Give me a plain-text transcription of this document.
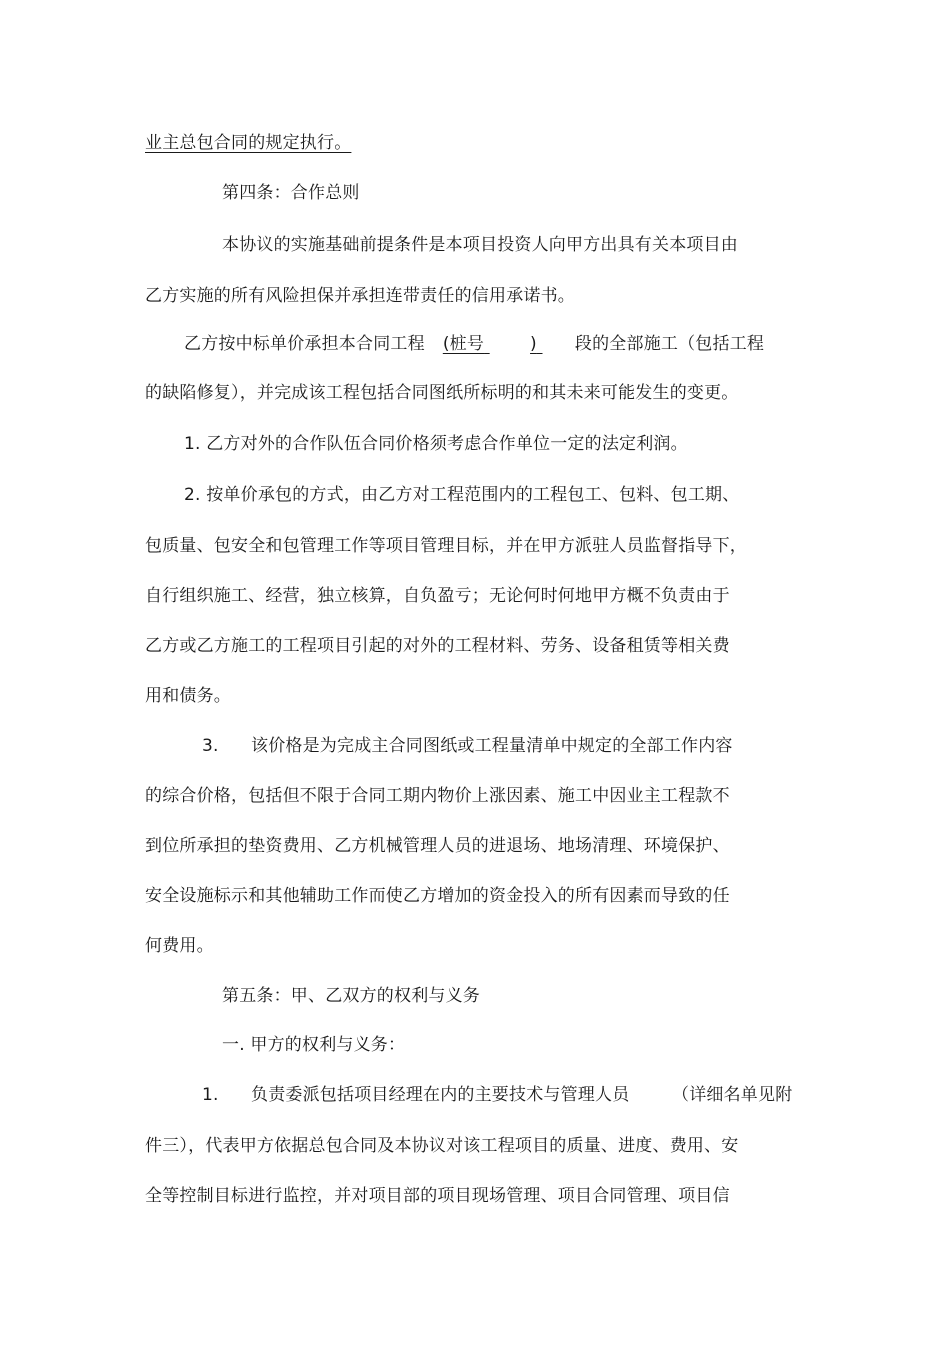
业主总包合同的规定执行。
第四条：合作总则
本协议的实施基础前提条件是本项目投资人向甲方出具有关本项目由
乙方实施的所有风险担保并承担连带责任的信用承诺书。
乙方按中标单价承担本合同工程 (桩号	) 段的全部施工（包括工程
的缺陷修复），并完成该工程包括合同图纸所标明的和其未来可能发生的变更。
1. 乙方对外的合作队伍合同价格须考虑合作单位一定的法定利润。
2. 按单价承包的方式，由乙方对工程范围内的工程包工、包料、包工期、
包质量、包安全和包管理工作等项目管理目标，并在甲方派驻人员监督指导下，
自行组织施工、经营，独立核算，自负盈亏；无论何时何地甲方概不负责由于
乙方或乙方施工的工程项目引起的对外的工程材料、劳务、设备租赁等相关费
用和债务。
3. 该价格是为完成主合同图纸或工程量清单中规定的全部工作内容
的综合价格，包括但不限于合同工期内物价上涨因素、施工中因业主工程款不
到位所承担的垫资费用、乙方机械管理人员的进退场、地场清理、环境保护、
安全设施标示和其他辅助工作而使乙方增加的资金投入的所有因素而导致的任
何费用。
第五条：甲、乙双方的权利与义务
一. 甲方的权利与义务：
1. 负责委派包括项目经理在内的主要技术与管理人员	（详细名单见附
件三），代表甲方依据总包合同及本协议对该工程项目的质量、进度、费用、安
全等控制目标进行监控，并对项目部的项目现场管理、项目合同管理、项目信
